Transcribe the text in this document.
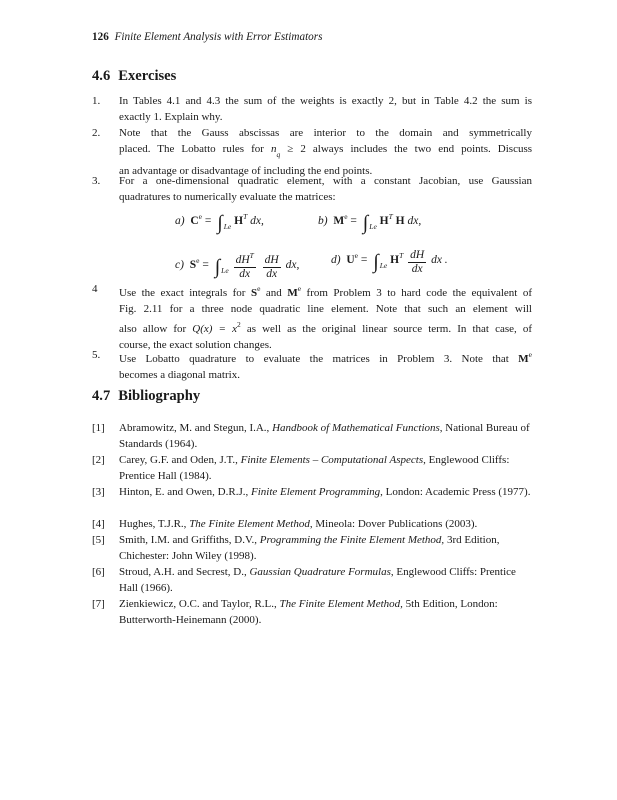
126 Finite Element Analysis with Error Estimators
4.6 Exercises
1. In Tables 4.1 and 4.3 the sum of the weights is exactly 2, but in Table 4.2 the sum is
exactly 1. Explain why.
2. Note that the Gauss abscissas are interior to the domain and symmetrically
placed. The Lobatto rules for $n_q \ge 2$ always includes the two end points. Discuss
an advantage or disadvantage of including the end points.
3. For a one-dimensional quadratic element, with a constant Jacobian, use Gaussian
quadratures to numerically evaluate the matrices:
a) $C^e = \int_{Le}$ $H^T$ dx,	b) $M^e = \int_{Le}$ $H^T$ H dx,
c) $S^e = \int_{Le} \frac{dH^T}{dx}$
$\frac{dH}{dx}$ dx,	d) $U^e = \int_{Le}$ $H^T \frac{dH}{dx}$ dx .
4 Use the exact integrals for $S^e$ and Me from Problem 3 to hard code the equivalent of
Fig. 2.11 for a three node quadratic line element. Note that such an element will
also allow for $Q(x) = x^2$ as well as the original linear source term. In that case, of
course, the exact solution changes.
5. Use Lobatto quadrature to evaluate the matrices in Problem 3. Note that Me
becomes a diagonal matrix.
4.7 Bibliography
[1] Abramowitz, M. and Stegun, I.A., Handbook of Mathematical Functions, National Bureau of Standards (1964).
[2] Carey, G.F. and Oden, J.T., Finite Elements – Computational Aspects, Englewood Cliffs: Prentice Hall (1984).
[3] Hinton, E. and Owen, D.R.J., Finite Element Programming, London: Academic Press (1977).
[4] Hughes, T.J.R., The Finite Element Method, Mineola: Dover Publications (2003).
[5] Smith, I.M. and Griffiths, D.V., Programming the Finite Element Method, 3rd Edition, Chichester: John Wiley (1998).
[6] Stroud, A.H. and Secrest, D., Gaussian Quadrature Formulas, Englewood Cliffs: Prentice Hall (1966).
[7] Zienkiewicz, O.C. and Taylor, R.L., The Finite Element Method, 5th Edition, London: Butterworth-Heinemann (2000).
